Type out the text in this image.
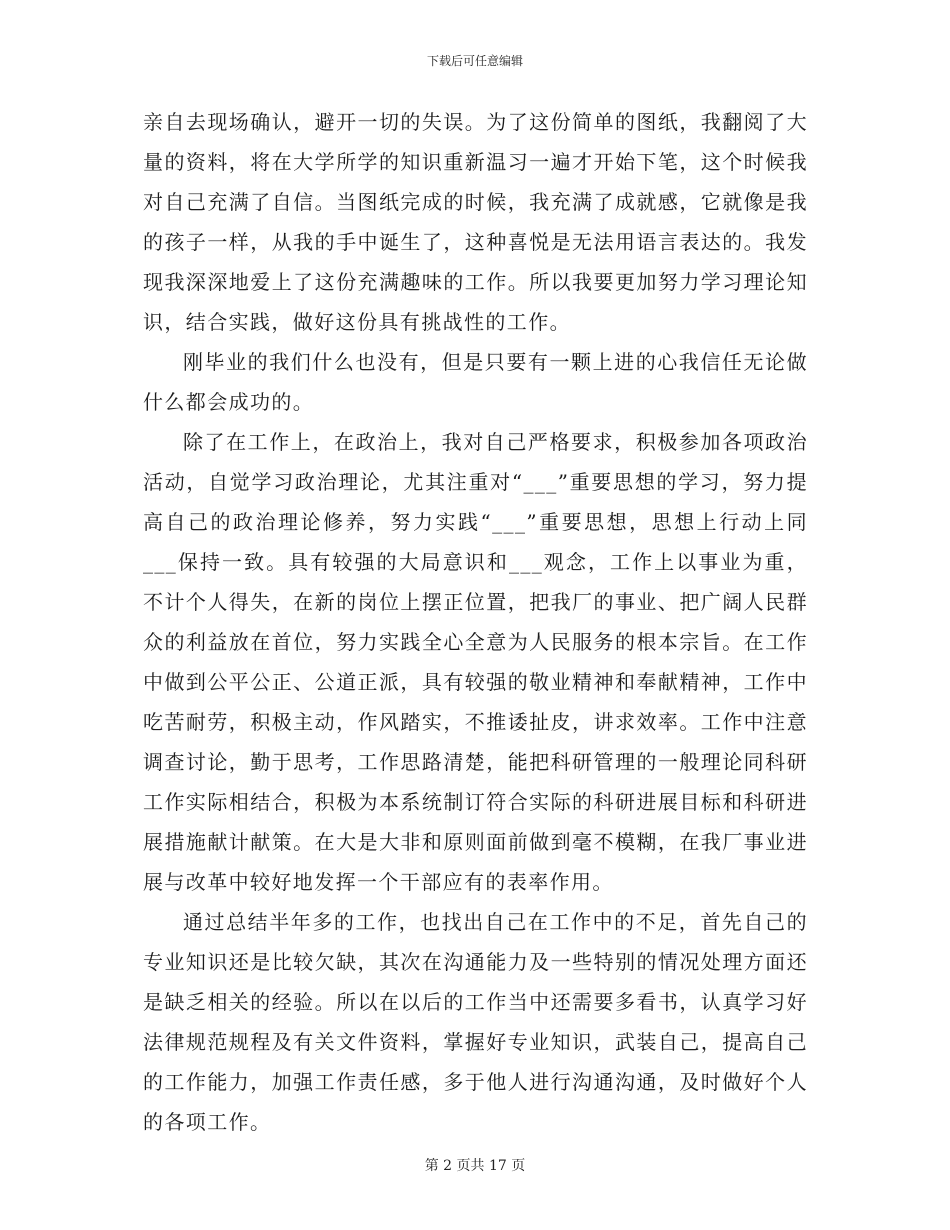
下载后可任意编辑

亲自去现场确认，避开一切的失误。为了这份简单的图纸，我翻阅了大量的资料，将在大学所学的知识重新温习一遍才开始下笔，这个时候我对自己充满了自信。当图纸完成的时候，我充满了成就感，它就像是我的孩子一样，从我的手中诞生了，这种喜悦是无法用语言表达的。我发现我深深地爱上了这份充满趣味的工作。所以我要更加努力学习理论知识，结合实践，做好这份具有挑战性的工作。

刚毕业的我们什么也没有，但是只要有一颗上进的心我信任无论做什么都会成功的。

除了在工作上，在政治上，我对自己严格要求，积极参加各项政治活动，自觉学习政治理论，尤其注重对“___”重要思想的学习，努力提高自己的政治理论修养，努力实践“___”重要思想，思想上行动上同___保持一致。具有较强的大局意识和___观念，工作上以事业为重，不计个人得失，在新的岗位上摆正位置，把我厂的事业、把广阔人民群众的利益放在首位，努力实践全心全意为人民服务的根本宗旨。在工作中做到公平公正、公道正派，具有较强的敬业精神和奉献精神，工作中吃苦耐劳，积极主动，作风踏实，不推诿扯皮，讲求效率。工作中注意调查讨论，勤于思考，工作思路清楚，能把科研管理的一般理论同科研工作实际相结合，积极为本系统制订符合实际的科研进展目标和科研进展措施献计献策。在大是大非和原则面前做到毫不模糊，在我厂事业进展与改革中较好地发挥一个干部应有的表率作用。

通过总结半年多的工作，也找出自己在工作中的不足，首先自己的专业知识还是比较欠缺，其次在沟通能力及一些特别的情况处理方面还是缺乏相关的经验。所以在以后的工作当中还需要多看书，认真学习好法律规范规程及有关文件资料，掌握好专业知识，武装自己，提高自己的工作能力，加强工作责任感，多于他人进行沟通沟通，及时做好个人的各项工作。

第 2 页共 17 页
